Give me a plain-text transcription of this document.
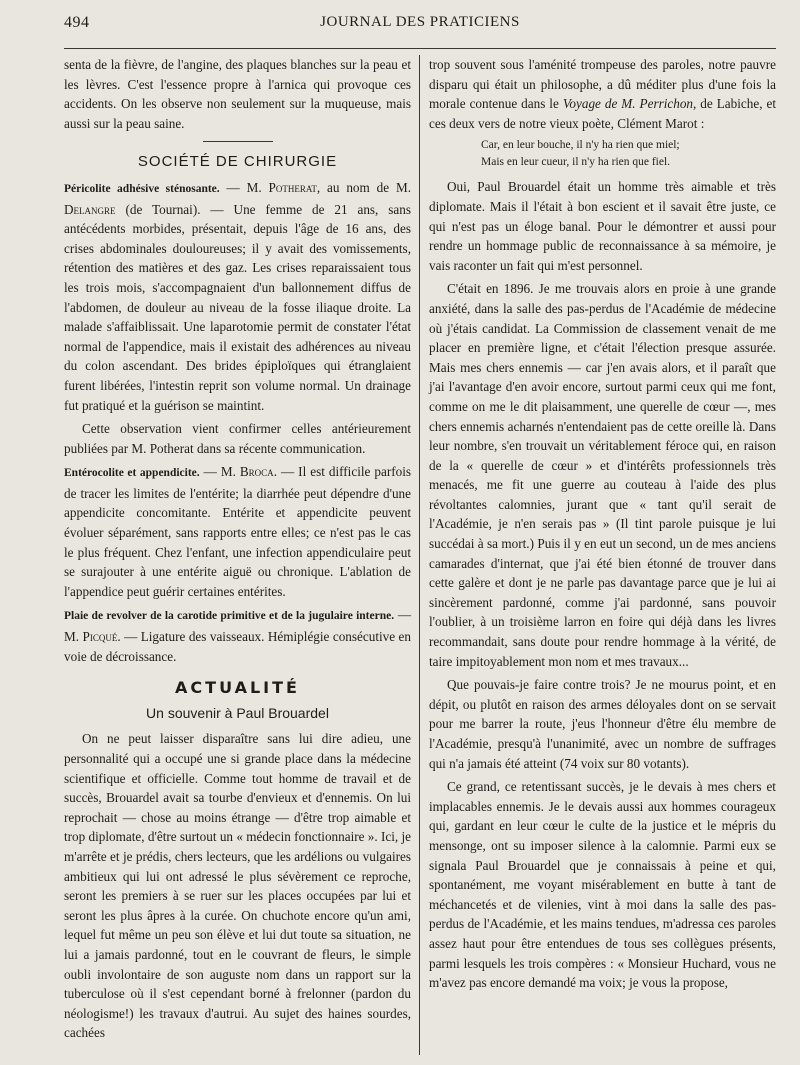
494	JOURNAL DES PRATICIENS

senta de la fièvre, de l'angine, des plaques blanches sur la peau et les lèvres. C'est l'essence propre à l'arnica qui provoque ces accidents. On les observe non seulement sur la muqueuse, mais aussi sur la peau saine.

SOCIÉTÉ DE CHIRURGIE

Péricolite adhésive sténosante. — M. Potherat, au nom de M. Delangre (de Tournai). — Une femme de 21 ans, sans antécédents morbides, présentait, depuis l'âge de 16 ans, des crises abdominales douloureuses; il y avait des vomissements, rétention des matières et des gaz. Les crises reparaissaient tous les trois mois, s'accompagnaient d'un ballonnement diffus de l'abdomen, de douleur au niveau de la fosse iliaque droite. La malade s'affaiblissait. Une laparotomie permit de constater l'état normal de l'appendice, mais il existait des adhérences au niveau du colon ascendant. Des brides épiploïques qui étranglaient furent libérées, l'intestin reprit son volume normal. Un drainage fut pratiqué et la guérison se maintint.

Cette observation vient confirmer celles antérieurement publiées par M. Potherat dans sa récente communication.

Entérocolite et appendicite. — M. Broca. — Il est difficile parfois de tracer les limites de l'entérite; la diarrhée peut dépendre d'une appendicite concomitante. Entérite et appendicite peuvent évoluer séparément, sans rapports entre elles; ce n'est pas le cas le plus fréquent. Chez l'enfant, une infection appendiculaire peut se surajouter à une entérite aiguë ou chronique. L'ablation de l'appendice peut guérir certaines entérites.

Plaie de revolver de la carotide primitive et de la jugulaire interne. — M. Picqué. — Ligature des vaisseaux. Hémiplégie consécutive en voie de décroissance.

ACTUALITÉ
Un souvenir à Paul Brouardel

On ne peut laisser disparaître sans lui dire adieu, une personnalité qui a occupé une si grande place dans la médecine scientifique et officielle. Comme tout homme de travail et de succès, Brouardel avait sa tourbe d'envieux et d'ennemis. On lui reprochait — chose au moins étrange — d'être trop aimable et trop diplomate, d'être surtout un « médecin fonctionnaire ». Ici, je m'arrête et je prédis, chers lecteurs, que les ardélions ou vulgaires ambitieux qui lui ont adressé le plus sévèrement ce reproche, seront les premiers à se ruer sur les places occupées par lui et seront les plus âpres à la curée. On chuchote encore qu'un ami, lequel fut même un peu son élève et lui dut toute sa situation, ne lui a jamais pardonné, tout en le couvrant de fleurs, le simple oubli involontaire de son auguste nom dans un rapport sur la tuberculose où il s'est cependant borné à frelonner (pardon du néologisme!) les travaux d'autrui. Au sujet des haines sourdes, cachées

trop souvent sous l'aménité trompeuse des paroles, notre pauvre disparu qui était un philosophe, a dû méditer plus d'une fois la morale contenue dans le Voyage de M. Perrichon, de Labiche, et ces deux vers de notre vieux poète, Clément Marot :

Car, en leur bouche, il n'y ha rien que miel;
Mais en leur cueur, il n'y ha rien que fiel.

Oui, Paul Brouardel était un homme très aimable et très diplomate. Mais il l'était à bon escient et il savait être juste, ce qui n'est pas un éloge banal. Pour le démontrer et aussi pour rendre un hommage public de reconnaissance à sa mémoire, je vais raconter un fait qui m'est personnel.

C'était en 1896. Je me trouvais alors en proie à une grande anxiété, dans la salle des pas-perdus de l'Académie de médecine où j'étais candidat. La Commission de classement venait de me placer en première ligne, et c'était l'élection presque assurée. Mais mes chers ennemis — car j'en avais alors, et il paraît que j'ai l'avantage d'en avoir encore, surtout parmi ceux qui me font, comme on me le dit plaisamment, une querelle de cœur —, mes chers ennemis acharnés n'entendaient pas de cette oreille là. Dans leur nombre, s'en trouvait un véritablement féroce qui, en raison de la « querelle de cœur » et d'intérêts professionnels très menacés, me fit une guerre au couteau à l'aide des plus révoltantes calomnies, jurant que « tant qu'il serait de l'Académie, je n'en serais pas » (Il tint parole puisque je lui succédai à sa mort.) Puis il y en eut un second, un de mes anciens camarades d'internat, que j'ai été bien étonné de trouver dans cette galère et dont je ne parle pas davantage parce que je lui ai sincèrement pardonné, comme j'ai pardonné, sans pouvoir l'oublier, à un troisième larron en foire qui déjà dans les livres recommandait, sans doute pour rendre hommage à la vérité, de taire impitoyablement mon nom et mes travaux...

Que pouvais-je faire contre trois? Je ne mourus point, et en dépit, ou plutôt en raison des armes déloyales dont on se servait pour me barrer la route, j'eus l'honneur d'être élu membre de l'Académie, presqu'à l'unanimité, avec un nombre de suffrages qui n'a jamais été atteint (74 voix sur 80 votants).

Ce grand, ce retentissant succès, je le devais à mes chers et implacables ennemis. Je le devais aussi aux hommes courageux qui, gardant en leur cœur le culte de la justice et le mépris du mensonge, ont su imposer silence à la calomnie. Parmi eux se signala Paul Brouardel que je connaissais à peine et qui, spontanément, me voyant misérablement en butte à tant de méchancetés et de vilenies, vint à moi dans la salle des pas-perdus de l'Académie, et les mains tendues, m'adressa ces paroles assez haut pour être entendues de tous ses collègues présents, parmi lesquels les trois compères : « Monsieur Huchard, vous ne m'avez pas encore demandé ma voix; je vous la propose,
